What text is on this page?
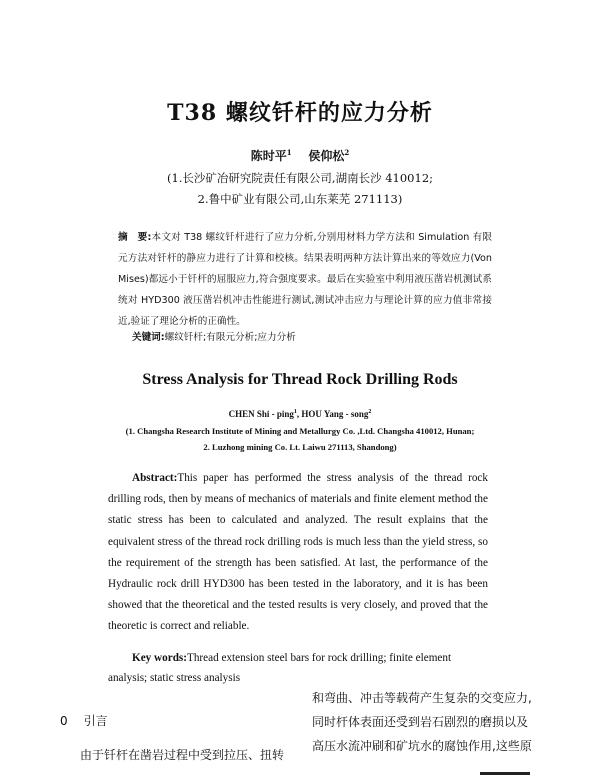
T38 螺纹钎杆的应力分析
陈时平$^1$ 侯仰松$^2$
(1.长沙矿冶研究院责任有限公司,湖南长沙 410012;
2.鲁中矿业有限公司,山东莱芜 271113)
摘　要:本文对 T38 螺纹钎杆进行了应力分析,分别用材料力学方法和 Simulation 有限元方法对钎杆的静应力进行了计算和校核。结果表明两种方法计算出来的等效应力(Von Mises)都远小于钎杆的屈服应力,符合强度要求。最后在实验室中利用液压凿岩机测试系统对 HYD300 液压凿岩机冲击性能进行测试,测试冲击应力与理论计算的应力值非常接近,验证了理论分析的正确性。
关键词:螺纹钎杆;有限元分析;应力分析
Stress Analysis for Thread Rock Drilling Rods
CHEN Shi - ping$^1$, HOU Yang - song$^2$
(1. Changsha Research Institute of Mining and Metallurgy Co. ,Ltd. Changsha 410012, Hunan;
2. Luzhong mining Co. Lt. Laiwu 271113, Shandong)
Abstract:This paper has performed the stress analysis of the thread rock drilling rods, then by means of mechanics of materials and finite element method the static stress has been to calculated and analyzed. The result explains that the equivalent stress of the thread rock drilling rods is much less than the yield stress, so the requirement of the strength has been satisfied. At last, the performance of the Hydraulic rock drill HYD300 has been tested in the laboratory, and it is has been showed that the theoretical and the tested results is very closely, and proved that the theoretic is correct and reliable.
Key words:Thread extension steel bars for rock drilling; finite element analysis; static stress analysis
0 引言
由于钎杆在凿岩过程中受到拉压、扭转
和弯曲、冲击等载荷产生复杂的交变应力,
同时杆体表面还受到岩石剧烈的磨损以及
高压水流冲刷和矿坑水的腐蚀作用,这些原
